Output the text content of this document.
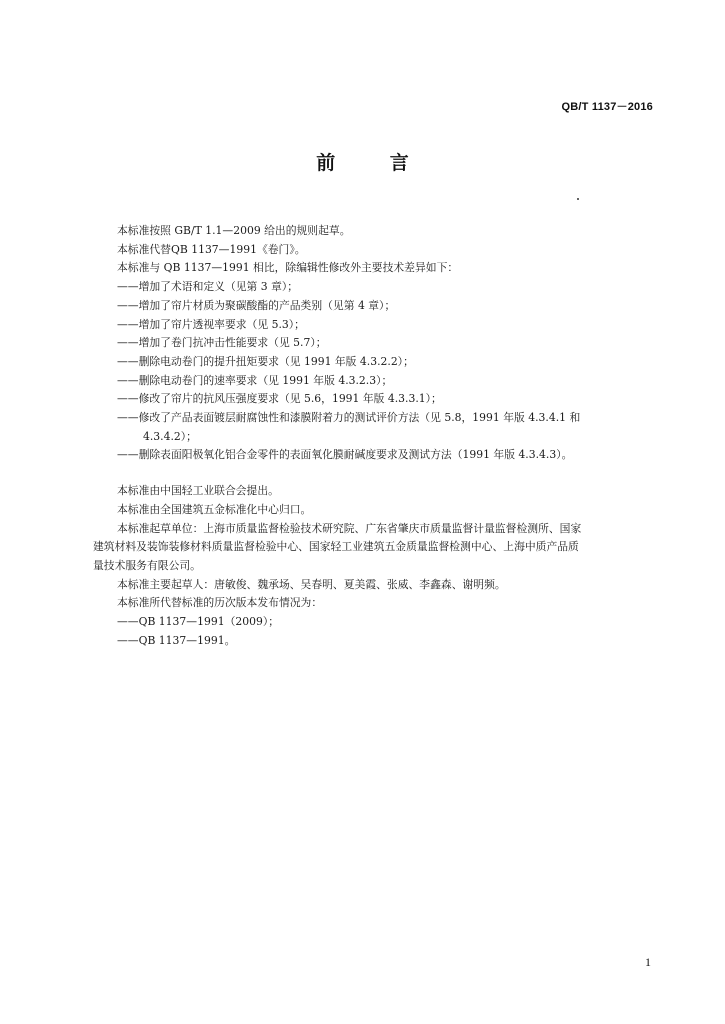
QB/T 1137－2016
前 言
本标准按照 GB/T 1.1—2009 给出的规则起草。
本标准代替QB 1137—1991《卷门》。
本标准与 QB 1137—1991 相比，除编辑性修改外主要技术差异如下：
——增加了术语和定义（见第 3 章）；
——增加了帘片材质为聚碳酸酯的产品类别（见第 4 章）；
——增加了帘片透视率要求（见 5.3）；
——增加了卷门抗冲击性能要求（见 5.7）；
——删除电动卷门的提升扭矩要求（见 1991 年版 4.3.2.2）；
——删除电动卷门的速率要求（见 1991 年版 4.3.2.3）；
——修改了帘片的抗风压强度要求（见 5.6，1991 年版 4.3.3.1）；
——修改了产品表面镀层耐腐蚀性和漆膜附着力的测试评价方法（见 5.8，1991 年版 4.3.4.1 和
4.3.4.2）；
——删除表面阳极氧化铝合金零件的表面氧化膜耐碱度要求及测试方法（1991 年版 4.3.4.3）。
本标准由中国轻工业联合会提出。
本标准由全国建筑五金标准化中心归口。
本标准起草单位：上海市质量监督检验技术研究院、广东省肇庆市质量监督计量监督检测所、国家
建筑材料及装饰装修材料质量监督检验中心、国家轻工业建筑五金质量监督检测中心、上海中质产品质
量技术服务有限公司。
本标准主要起草人：唐敏俊、魏承场、吴春明、夏美霞、张威、李鑫森、谢明频。
本标准所代替标准的历次版本发布情况为：
——QB 1137—1991（2009）；
——QB 1137—1991。
1
